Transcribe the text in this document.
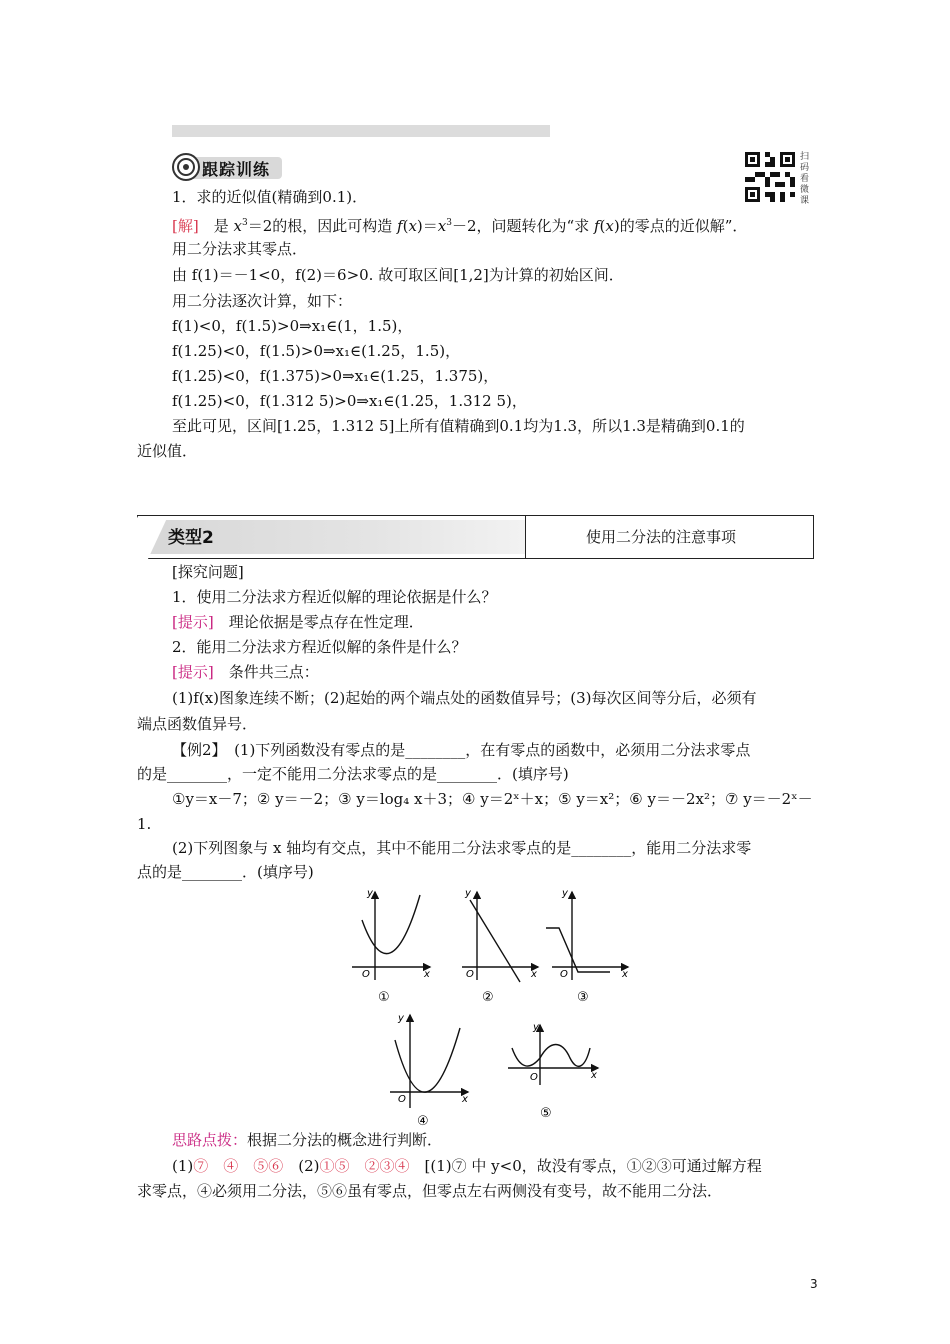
跟踪训练
扫码看微课
1．求的近似值(精确到0.1)．
[解]　 是 $x^3=2$的根，因此可构造 $f(x)=x^3-2$，问题转化为“求 f(x)的零点的近似解”．
用二分法求其零点．
由 f(1)＝－1<0，f(2)＝6>0. 故可取区间[1,2]为计算的初始区间．
用二分法逐次计算，如下：
f(1)<0，f(1.5)>0⇒x₁∈(1，1.5)，
f(1.25)<0，f(1.5)>0⇒x₁∈(1.25，1.5)，
f(1.25)<0，f(1.375)>0⇒x₁∈(1.25，1.375)，
f(1.25)<0，f(1.312 5)>0⇒x₁∈(1.25，1.312 5)，
至此可见，区间[1.25，1.312 5]上所有值精确到0.1均为1.3，所以1.3是精确到0.1的
近似值．
类型2	使用二分法的注意事项
[探究问题]
1．使用二分法求方程近似解的理论依据是什么？
[提示]　 理论依据是零点存在性定理．
2．能用二分法求方程近似解的条件是什么？
[提示]　 条件共三点：
(1)f(x)图象连续不断；(2)起始的两个端点处的函数值异号；(3)每次区间等分后，必须有
端点函数值异号．
【例2】　 (1)下列函数没有零点的是________，在有零点的函数中，必须用二分法求零点
的是________，一定不能用二分法求零点的是________．(填序号)
①y＝x－7；② y＝－2；③ y＝log₄ x＋3；④ y＝2ˣ＋x；⑤ y＝x²；⑥ y＝－2x²；⑦ y＝－2ˣ－
1.
(2)下列图象与 x 轴均有交点，其中不能用二分法求零点的是________，能用二分法求零
点的是________．(填序号)
y
x
O
①
y
x
O
②
y
x
O
③
y
x
O
④
y
x
O
⑤
思路点拨：根据二分法的概念进行判断．
(1)⑦　④　⑤⑥　(2)①⑤　②③④　[(1)⑦ 中 y<0，故没有零点，①②③可通过解方程
求零点，④必须用二分法，⑤⑥虽有零点，但零点左右两侧没有变号，故不能用二分法．
3
